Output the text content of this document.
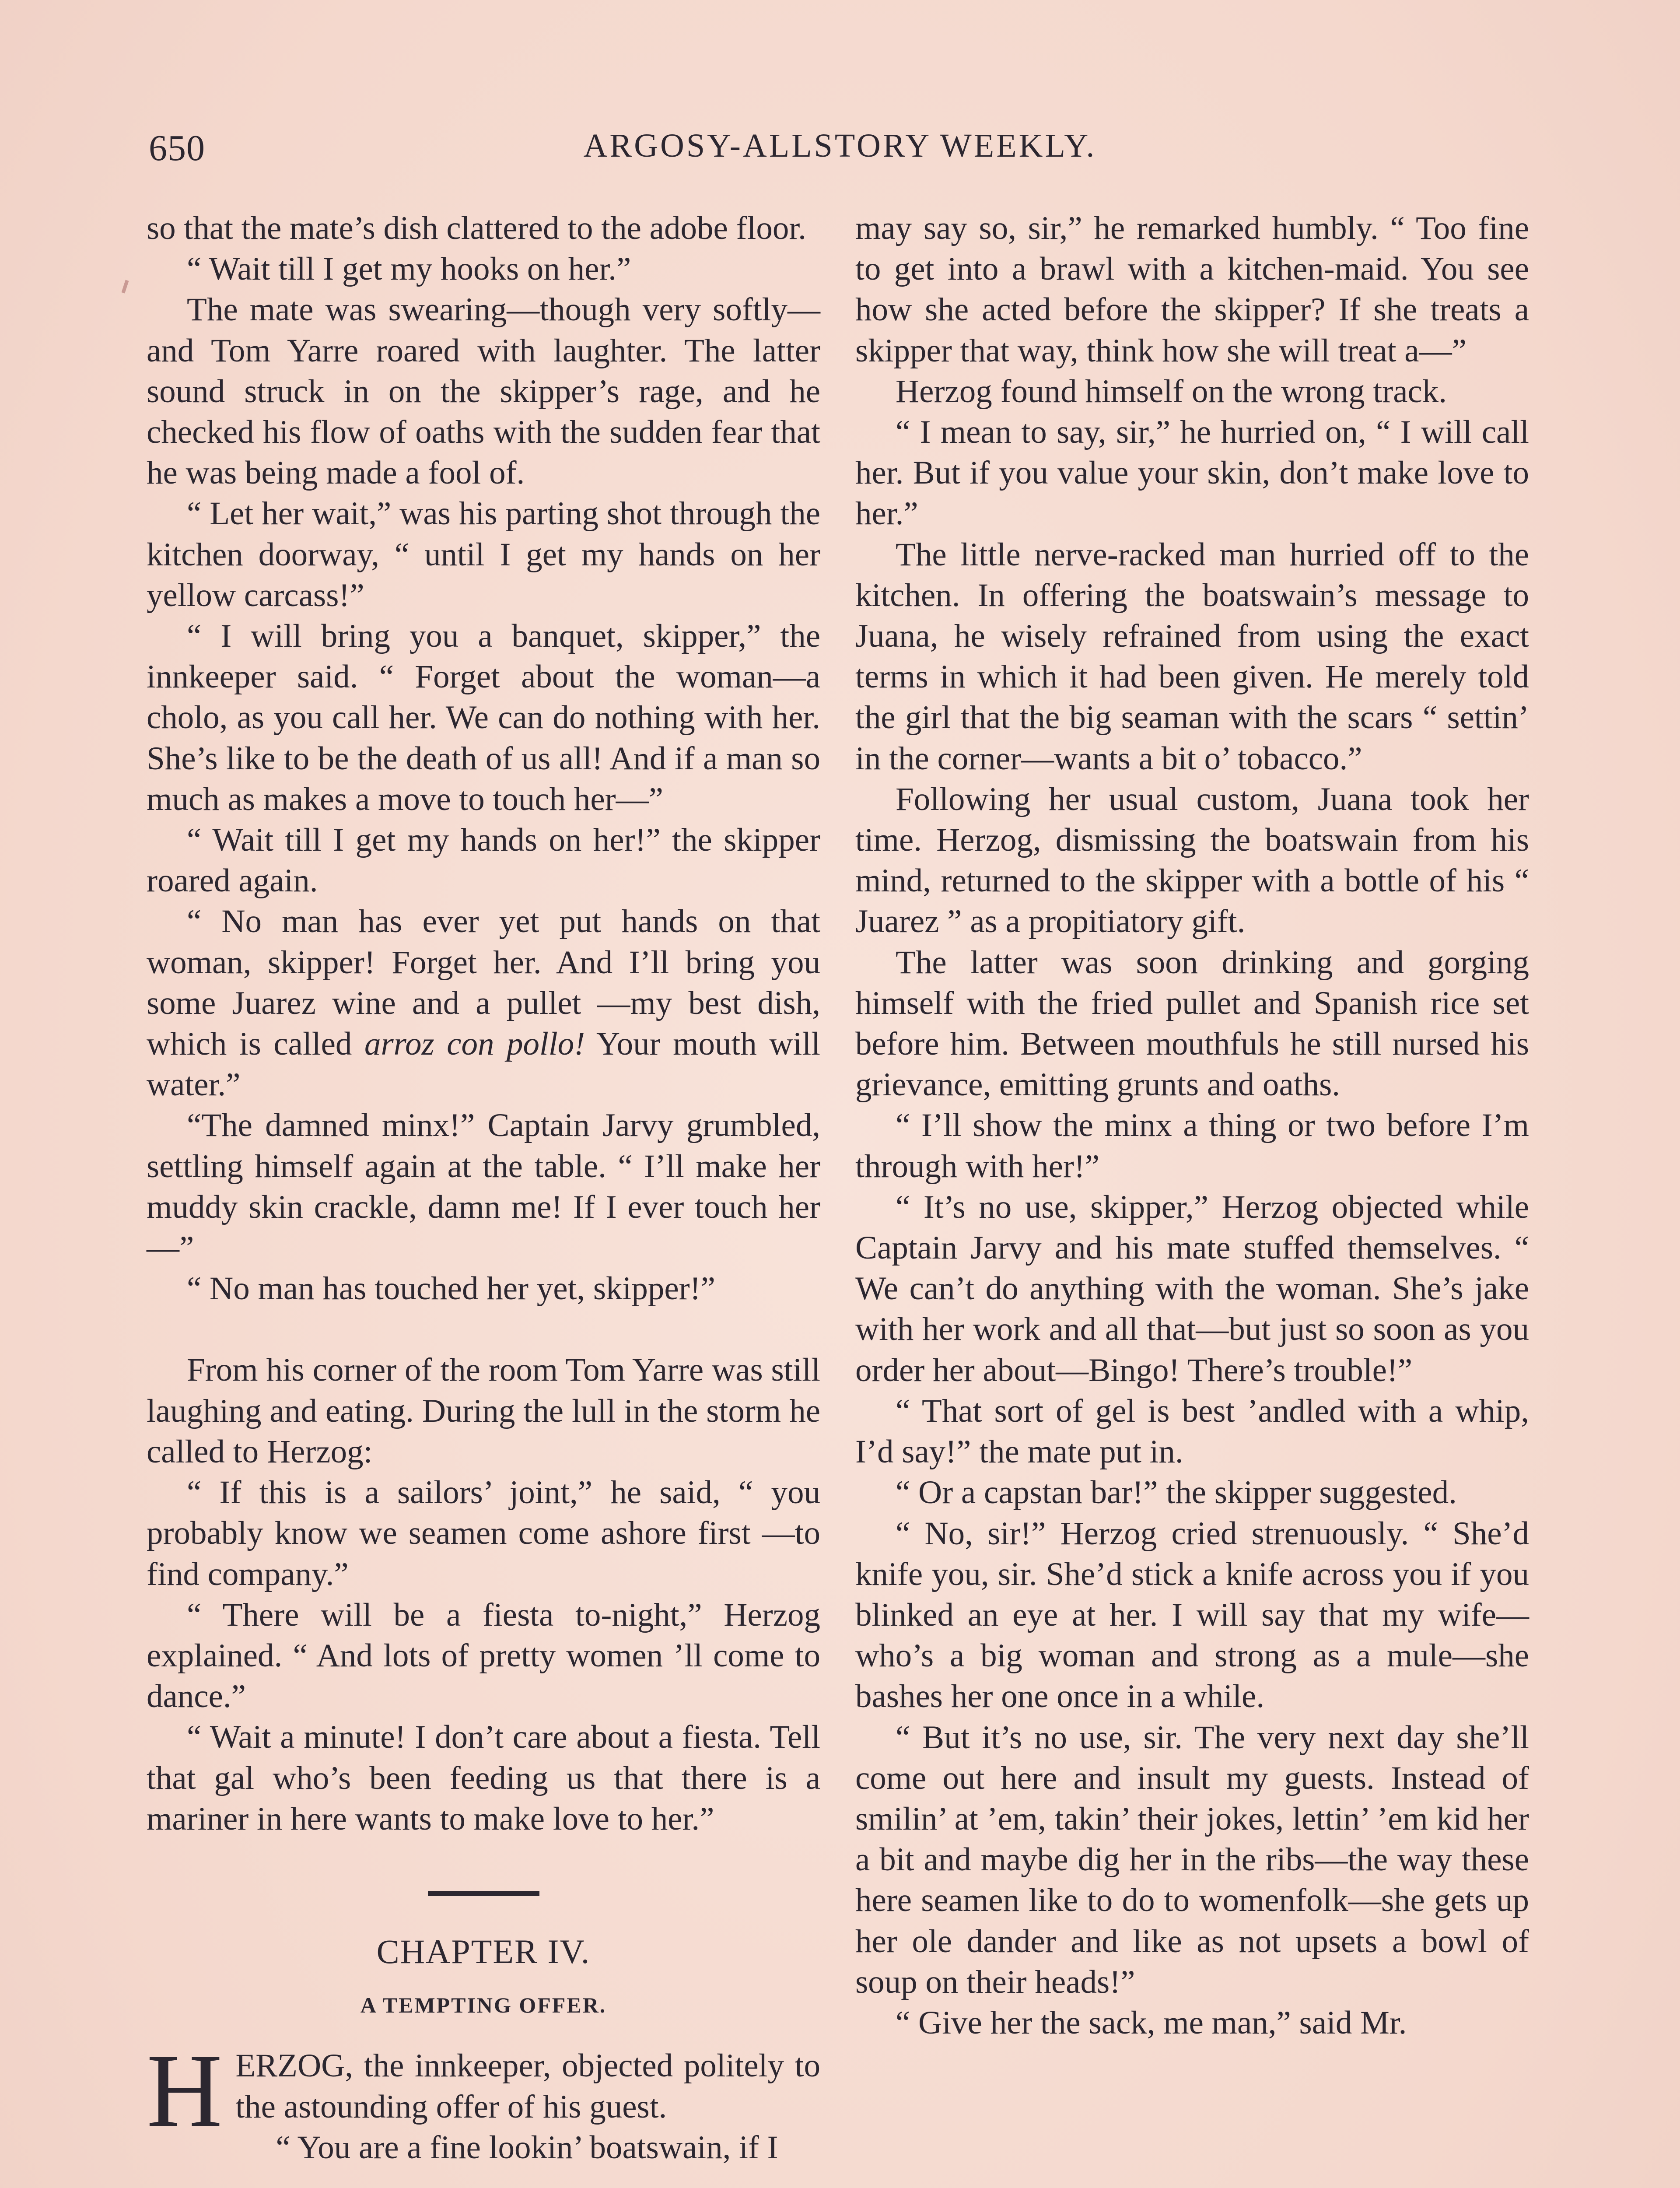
650	ARGOSY-ALLSTORY WEEKLY.

so that the mate’s dish clattered to the adobe floor.

“ Wait till I get my hooks on her.”

The mate was swearing—though very softly—and Tom Yarre roared with laughter. The latter sound struck in on the skipper’s rage, and he checked his flow of oaths with the sudden fear that he was being made a fool of.

“ Let her wait,” was his parting shot through the kitchen doorway, “ until I get my hands on her yellow carcass!”

“ I will bring you a banquet, skipper,” the innkeeper said. “ Forget about the woman—a cholo, as you call her. We can do nothing with her. She’s like to be the death of us all! And if a man so much as makes a move to touch her—”

“ Wait till I get my hands on her!” the skipper roared again.

“ No man has ever yet put hands on that woman, skipper! Forget her. And I’ll bring you some Juarez wine and a pullet —my best dish, which is called arroz con pollo! Your mouth will water.”

“The damned minx!” Captain Jarvy grumbled, settling himself again at the table. “ I’ll make her muddy skin crackle, damn me! If I ever touch her—”

“ No man has touched her yet, skipper!”

From his corner of the room Tom Yarre was still laughing and eating. During the lull in the storm he called to Herzog:

“ If this is a sailors’ joint,” he said, “ you probably know we seamen come ashore first —to find company.”

“ There will be a fiesta to-night,” Herzog explained. “ And lots of pretty women ’ll come to dance.”

“ Wait a minute! I don’t care about a fiesta. Tell that gal who’s been feeding us that there is a mariner in here wants to make love to her.”

CHAPTER IV.
A TEMPTING OFFER.

HERZOG, the innkeeper, objected politely to the astounding offer of his guest.

“ You are a fine lookin’ boatswain, if I

may say so, sir,” he remarked humbly. “ Too fine to get into a brawl with a kitchen-maid. You see how she acted before the skipper? If she treats a skipper that way, think how she will treat a—”

Herzog found himself on the wrong track.

“ I mean to say, sir,” he hurried on, “ I will call her. But if you value your skin, don’t make love to her.”

The little nerve-racked man hurried off to the kitchen. In offering the boatswain’s message to Juana, he wisely refrained from using the exact terms in which it had been given. He merely told the girl that the big seaman with the scars “ settin’ in the corner—wants a bit o’ tobacco.”

Following her usual custom, Juana took her time. Herzog, dismissing the boatswain from his mind, returned to the skipper with a bottle of his “ Juarez ” as a propitiatory gift.

The latter was soon drinking and gorging himself with the fried pullet and Spanish rice set before him. Between mouthfuls he still nursed his grievance, emitting grunts and oaths.

“ I’ll show the minx a thing or two before I’m through with her!”

“ It’s no use, skipper,” Herzog objected while Captain Jarvy and his mate stuffed themselves. “ We can’t do anything with the woman. She’s jake with her work and all that—but just so soon as you order her about—Bingo! There’s trouble!”

“ That sort of gel is best ’andled with a whip, I’d say!” the mate put in.

“ Or a capstan bar!” the skipper suggested.

“ No, sir!” Herzog cried strenuously. “ She’d knife you, sir. She’d stick a knife across you if you blinked an eye at her. I will say that my wife—who’s a big woman and strong as a mule—she bashes her one once in a while.

“ But it’s no use, sir. The very next day she’ll come out here and insult my guests. Instead of smilin’ at ’em, takin’ their jokes, lettin’ ’em kid her a bit and maybe dig her in the ribs—the way these here seamen like to do to womenfolk—she gets up her ole dander and like as not upsets a bowl of soup on their heads!”

“ Give her the sack, me man,” said Mr.
